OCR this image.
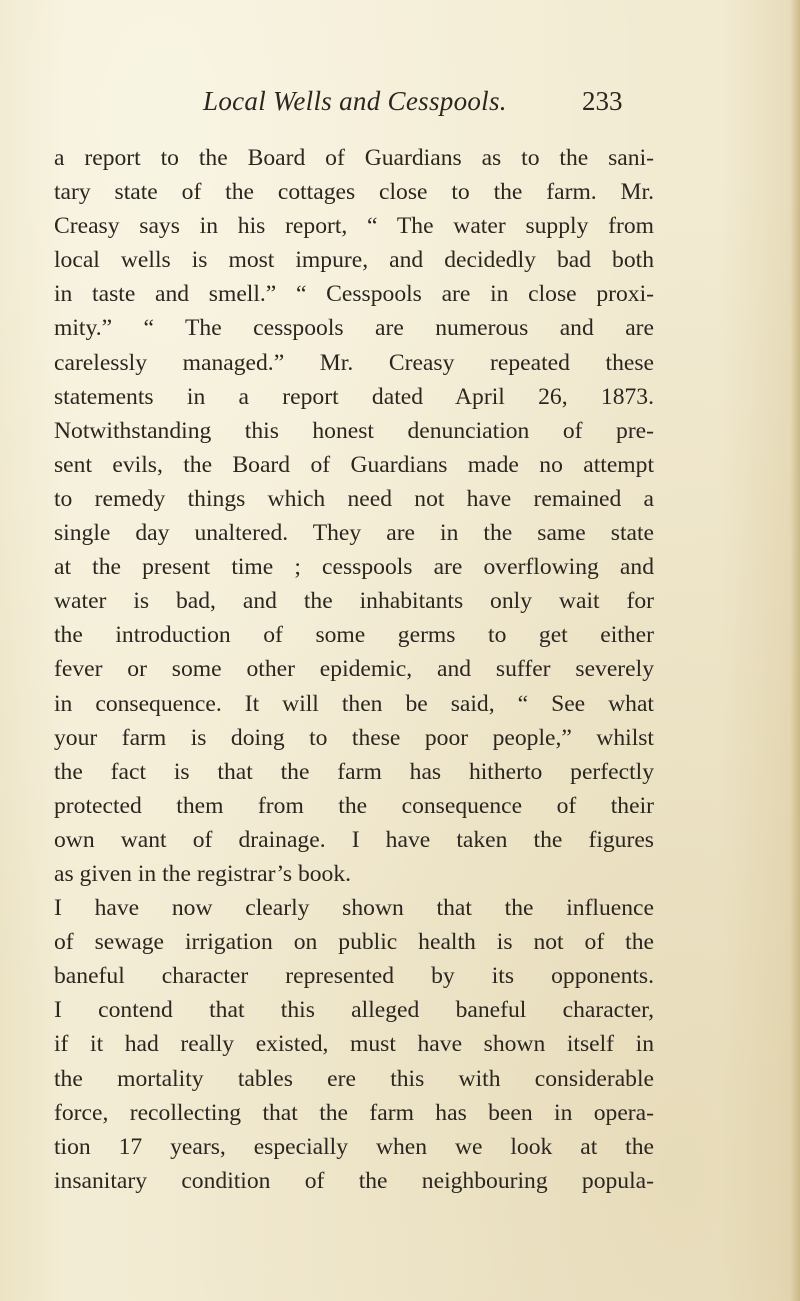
Local Wells and Cesspools.	233
a report to the Board of Guardians as to the sani-
tary state of the cottages close to the farm. Mr.
Creasy says in his report, “ The water supply from
local wells is most impure, and decidedly bad both
in taste and smell.” “ Cesspools are in close proxi-
mity.” “ The cesspools are numerous and are
carelessly managed.” Mr. Creasy repeated these
statements in a report dated April 26, 1873.
Notwithstanding this honest denunciation of pre-
sent evils, the Board of Guardians made no attempt
to remedy things which need not have remained a
single day unaltered. They are in the same state
at the present time ; cesspools are overflowing and
water is bad, and the inhabitants only wait for
the introduction of some germs to get either
fever or some other epidemic, and suffer severely
in consequence. It will then be said, “ See what
your farm is doing to these poor people,” whilst
the fact is that the farm has hitherto perfectly
protected them from the consequence of their
own want of drainage. I have taken the figures
as given in the registrar’s book.
I have now clearly shown that the influence
of sewage irrigation on public health is not of the
baneful character represented by its opponents.
I contend that this alleged baneful character,
if it had really existed, must have shown itself in
the mortality tables ere this with considerable
force, recollecting that the farm has been in opera-
tion 17 years, especially when we look at the
insanitary condition of the neighbouring popula-
